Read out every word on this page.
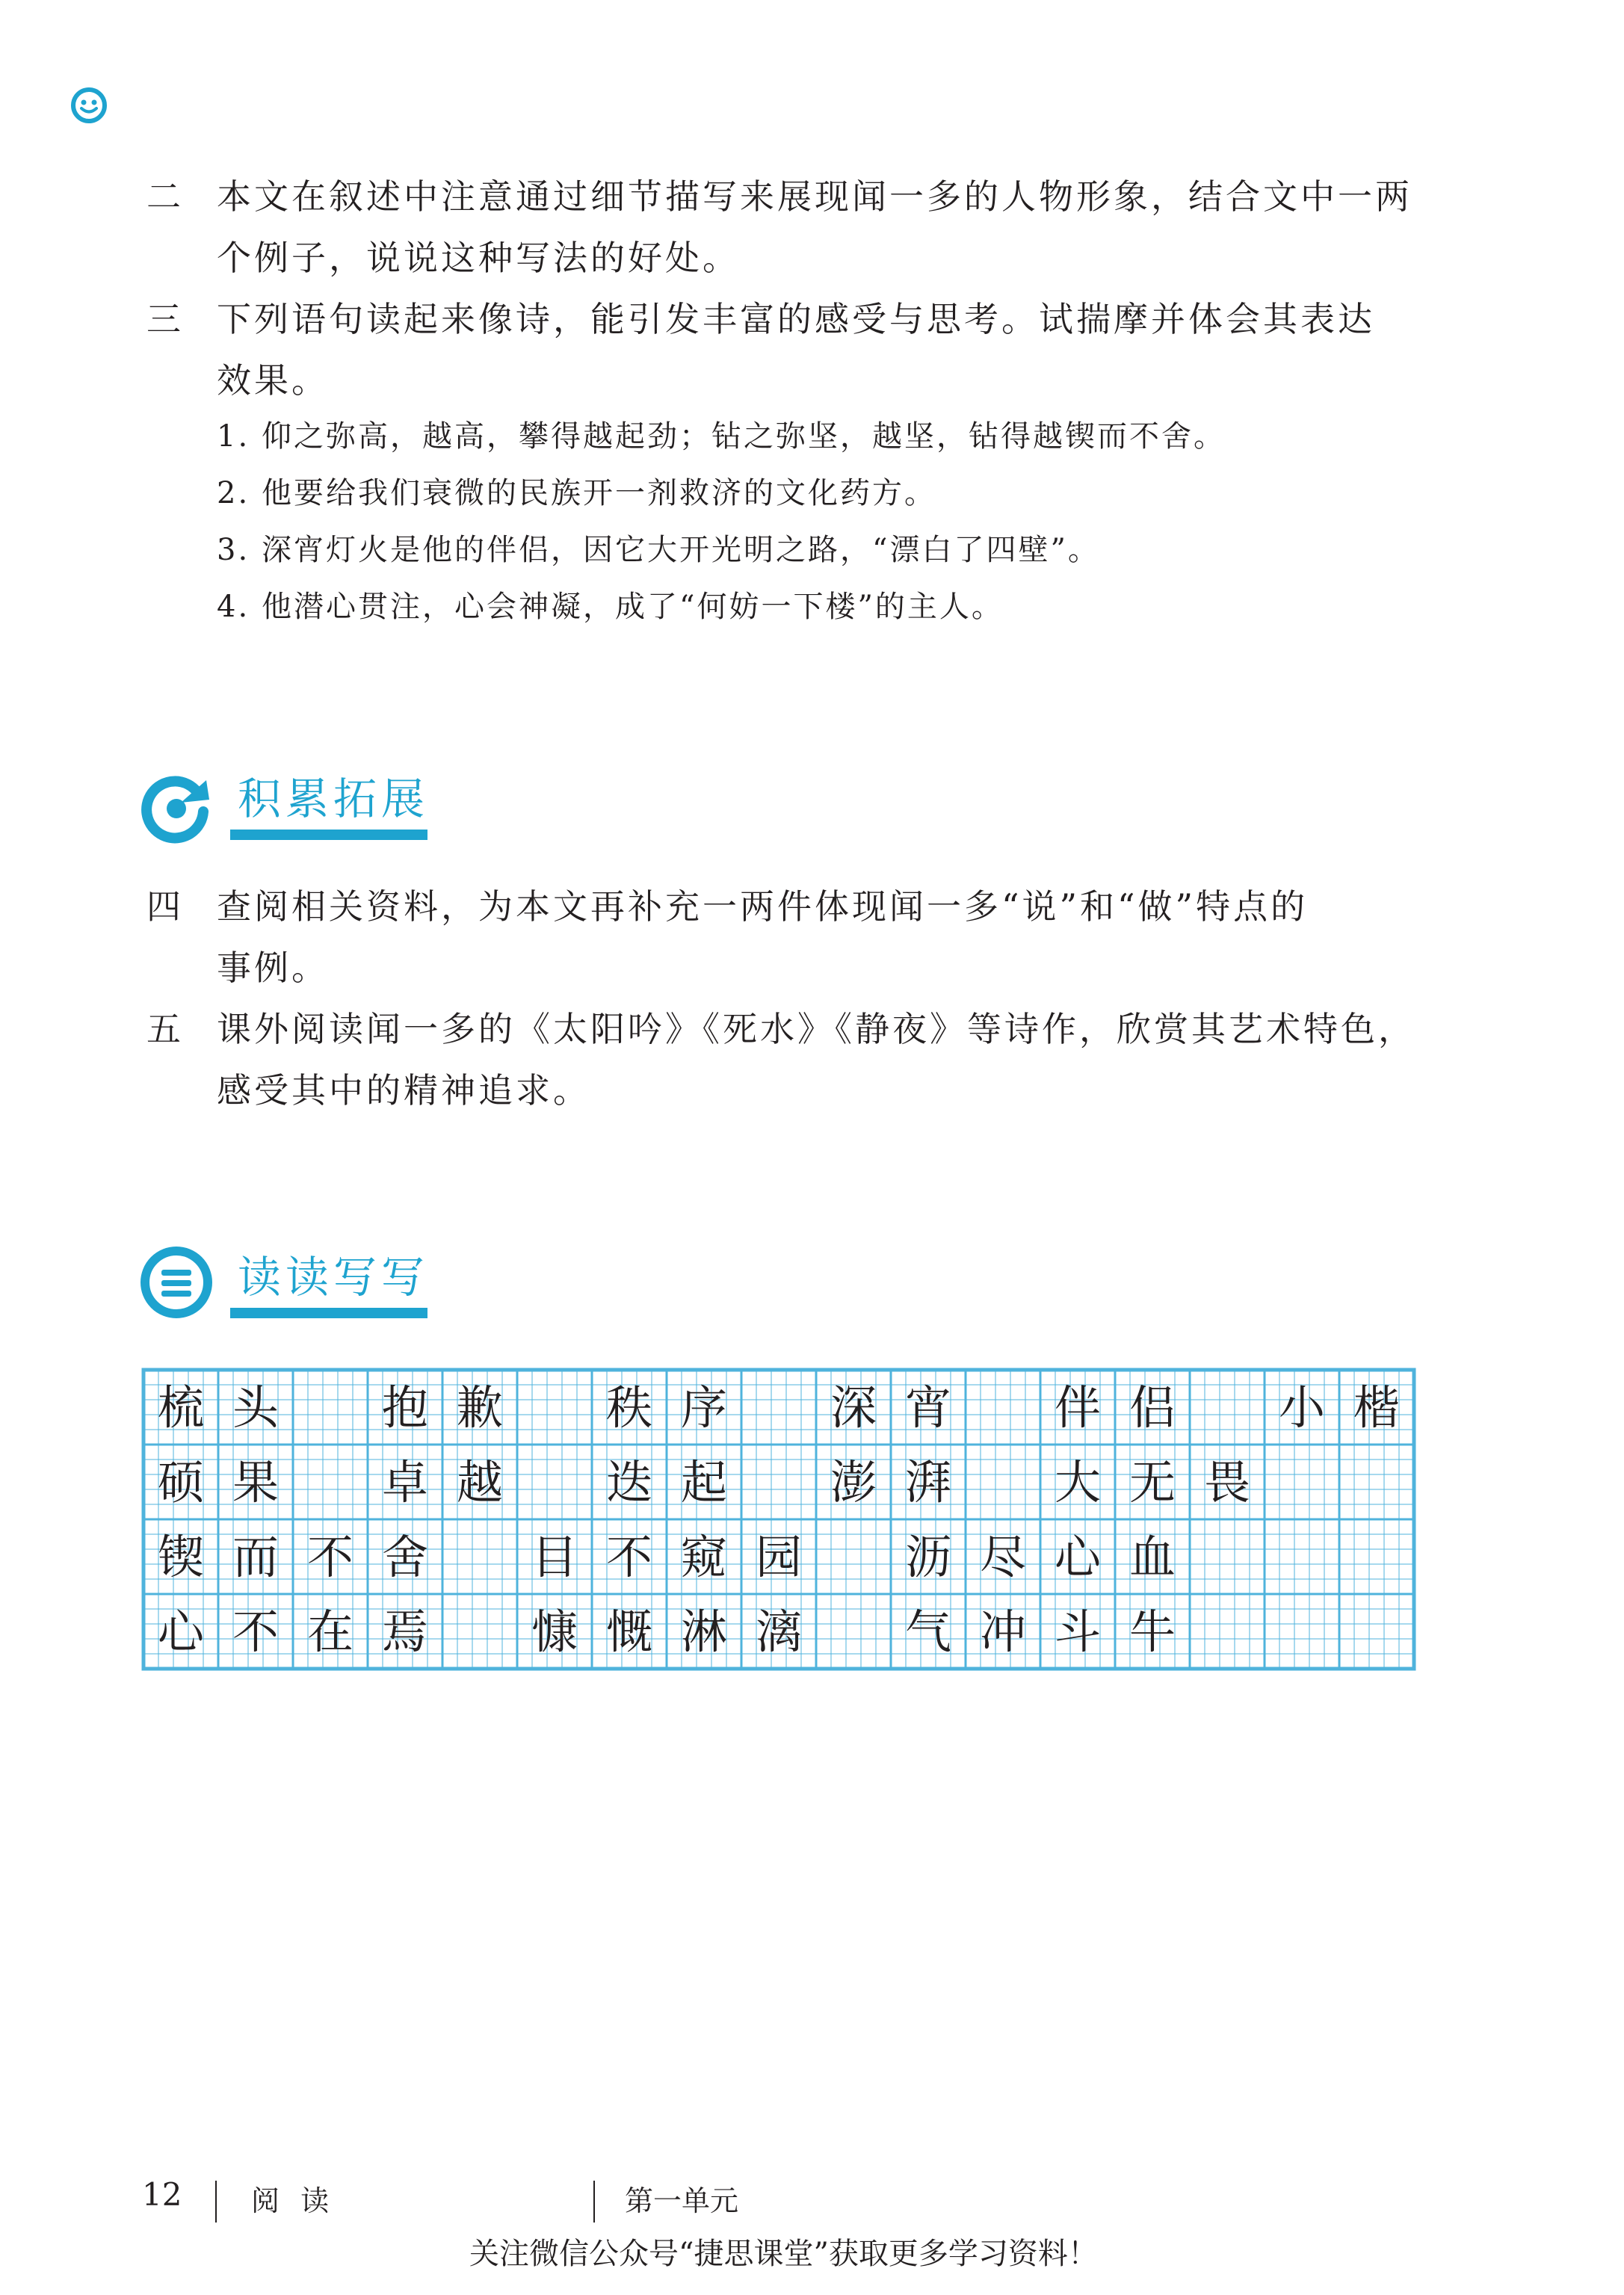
二 本文在叙述中注意通过细节描写来展现闻一多的人物形象，结合文中一两
个例子，说说这种写法的好处。
三 下列语句读起来像诗，能引发丰富的感受与思考。试揣摩并体会其表达
效果。
1. 仰之弥高，越高，攀得越起劲；钻之弥坚，越坚，钻得越锲而不舍。
2. 他要给我们衰微的民族开一剂救济的文化药方。
3. 深宵灯火是他的伴侣，因它大开光明之路，“漂白了四壁”。
4. 他潜心贯注，心会神凝，成了“何妨一下楼”的主人。
积累拓展
四 查阅相关资料，为本文再补充一两件体现闻一多“说”和“做”特点的
事例。
五 课外阅读闻一多的《太阳吟》《死水》《静夜》等诗作，欣赏其艺术特色，
感受其中的精神追求。
读读写写
梳 头 抱 歉 秩 序 深 宵 伴 侣 小 楷
硕 果 卓 越 迭 起 澎 湃 大 无 畏
锲 而 不 舍 目 不 窥 园 沥 尽 心 血
心 不 在 焉 慷 慨 淋 漓 气 冲 斗 牛
12 阅 读	第一单元
关注微信公众号“捷思课堂”获取更多学习资料！
